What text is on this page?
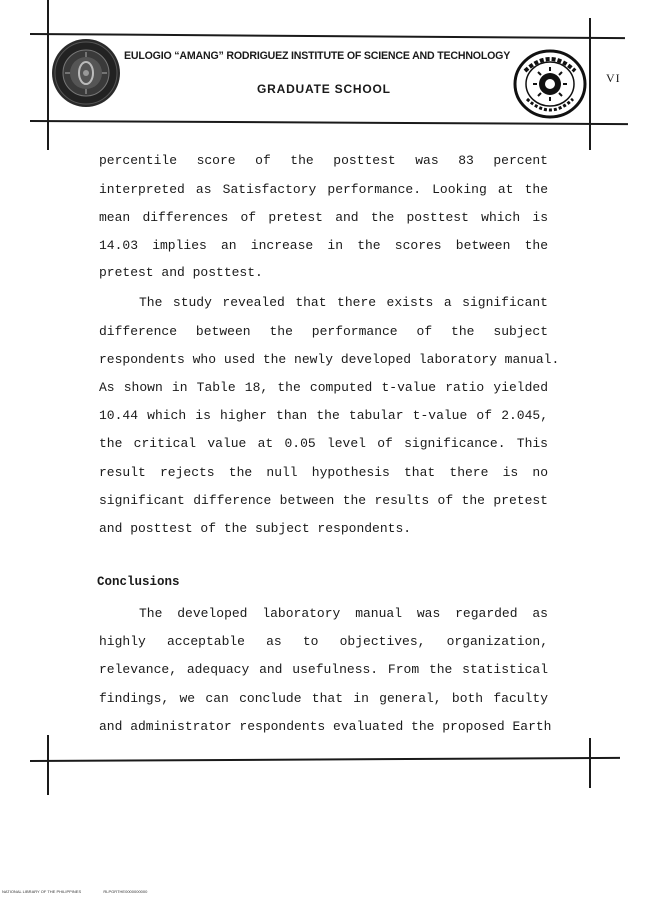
EULOGIO “AMANG” RODRIGUEZ INSTITUTE OF SCIENCE AND TECHNOLOGY
GRADUATE SCHOOL
VI
percentile score of the posttest was 83 percent
interpreted as Satisfactory performance. Looking at the
mean differences of pretest and the posttest which is
14.03 implies an increase in the scores between the
pretest and posttest.
The study revealed that there exists a significant
difference between the performance of the subject
respondents who used the newly developed laboratory manual.
As shown in Table 18, the computed t-value ratio yielded
10.44 which is higher than the tabular t-value of 2.045,
the critical value at 0.05 level of significance. This
result rejects the null hypothesis that there is no
significant difference between the results of the pretest
and posttest of the subject respondents.
Conclusions
The developed laboratory manual was regarded as
highly acceptable as to objectives, organization,
relevance, adequacy and usefulness. From the statistical
findings, we can conclude that in general, both faculty
and administrator respondents evaluated the proposed Earth
NATIONAL LIBRARY OF THE PHILIPPINES	RLPGRTHE0000000000
